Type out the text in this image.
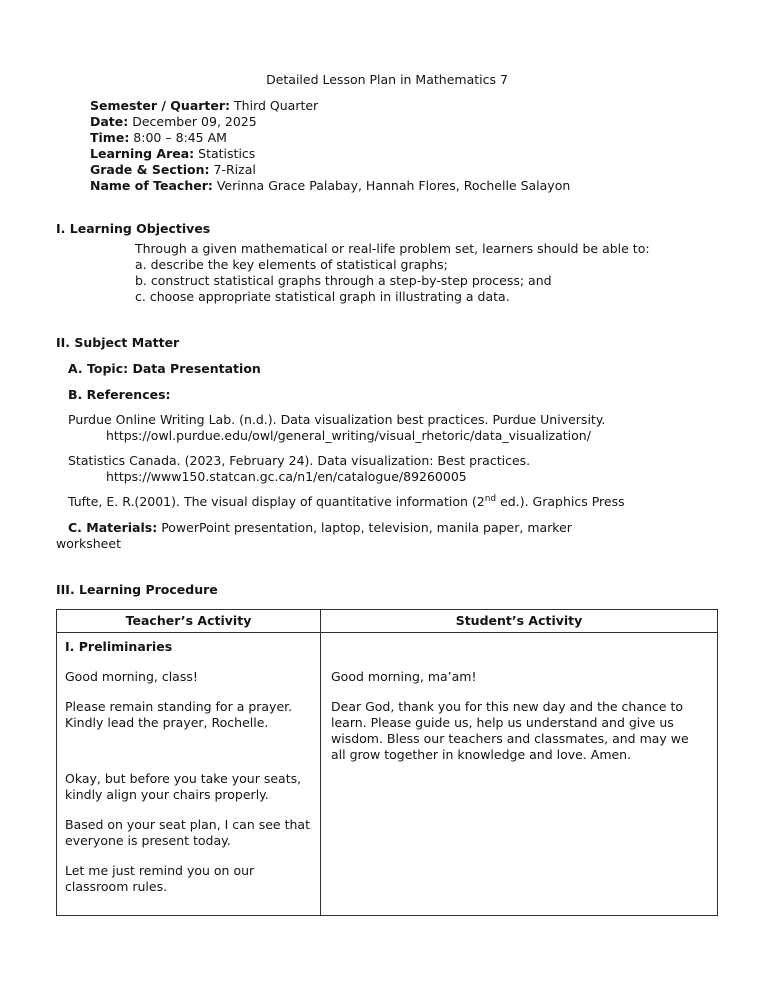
Detailed Lesson Plan in Mathematics 7
Semester / Quarter: Third Quarter
Date: December 09, 2025
Time: 8:00 – 8:45 AM
Learning Area: Statistics
Grade & Section: 7-Rizal
Name of Teacher: Verinna Grace Palabay, Hannah Flores, Rochelle Salayon
I. Learning Objectives
Through a given mathematical or real-life problem set, learners should be able to:
a. describe the key elements of statistical graphs;
b. construct statistical graphs through a step-by-step process; and
c. choose appropriate statistical graph in illustrating a data.
II. Subject Matter
A. Topic: Data Presentation
B. References:
Purdue Online Writing Lab. (n.d.). Data visualization best practices. Purdue University.
https://owl.purdue.edu/owl/general_writing/visual_rhetoric/data_visualization/
Statistics Canada. (2023, February 24). Data visualization: Best practices.
https://www150.statcan.gc.ca/n1/en/catalogue/89260005
Tufte, E. R.(2001). The visual display of quantitative information (2nd ed.). Graphics Press
C. Materials: PowerPoint presentation, laptop, television, manila paper, marker
worksheet
III. Learning Procedure
Teacher’s Activity	Student’s Activity

I. Preliminaries

Good morning, class!

Please remain standing for a prayer. Kindly lead the prayer, Rochelle.

Okay, but before you take your seats, kindly align your chairs properly.

Based on your seat plan, I can see that everyone is present today.

Let me just remind you on our classroom rules.

Good morning, ma’am!

Dear God, thank you for this new day and the chance to learn. Please guide us, help us understand and give us wisdom. Bless our teachers and classmates, and may we all grow together in knowledge and love. Amen.
